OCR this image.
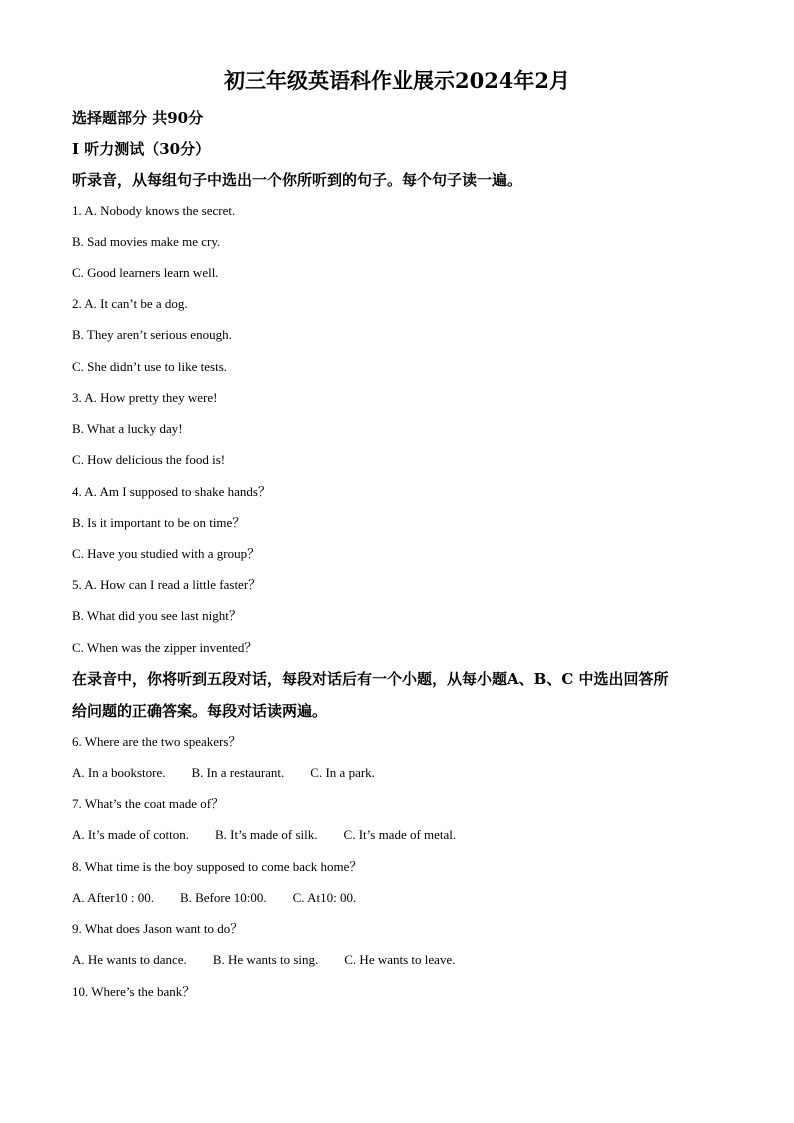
初三年级英语科作业展示2024年2月
选择题部分 共90分
Ⅰ 听力测试（30分）
听录音，从每组句子中选出一个你所听到的句子。每个句子读一遍。
1. A. Nobody knows the secret.
B. Sad movies make me cry.
C. Good learners learn well.
2. A. It can’t be a dog.
B. They aren’t serious enough.
C. She didn’t use to like tests.
3. A. How pretty they were!
B. What a lucky day!
C. How delicious the food is!
4. A. Am I supposed to shake hands？
B. Is it important to be on time？
C. Have you studied with a group？
5. A. How can I read a little faster？
B. What did you see last night？
C. When was the zipper invented？
在录音中，你将听到五段对话，每段对话后有一个小题，从每小题A、B、C 中选出回答所
给问题的正确答案。每段对话读两遍。
6. Where are the two speakers？
A. In a bookstore. B. In a restaurant. C. In a park.
7. What’s the coat made of？
A. It’s made of cotton. B. It’s made of silk. C. It’s made of metal.
8. What time is the boy supposed to come back home？
A. After10 : 00. B. Before 10:00. C. At10: 00.
9. What does Jason want to do？
A. He wants to dance. B. He wants to sing. C. He wants to leave.
10. Where’s the bank？
